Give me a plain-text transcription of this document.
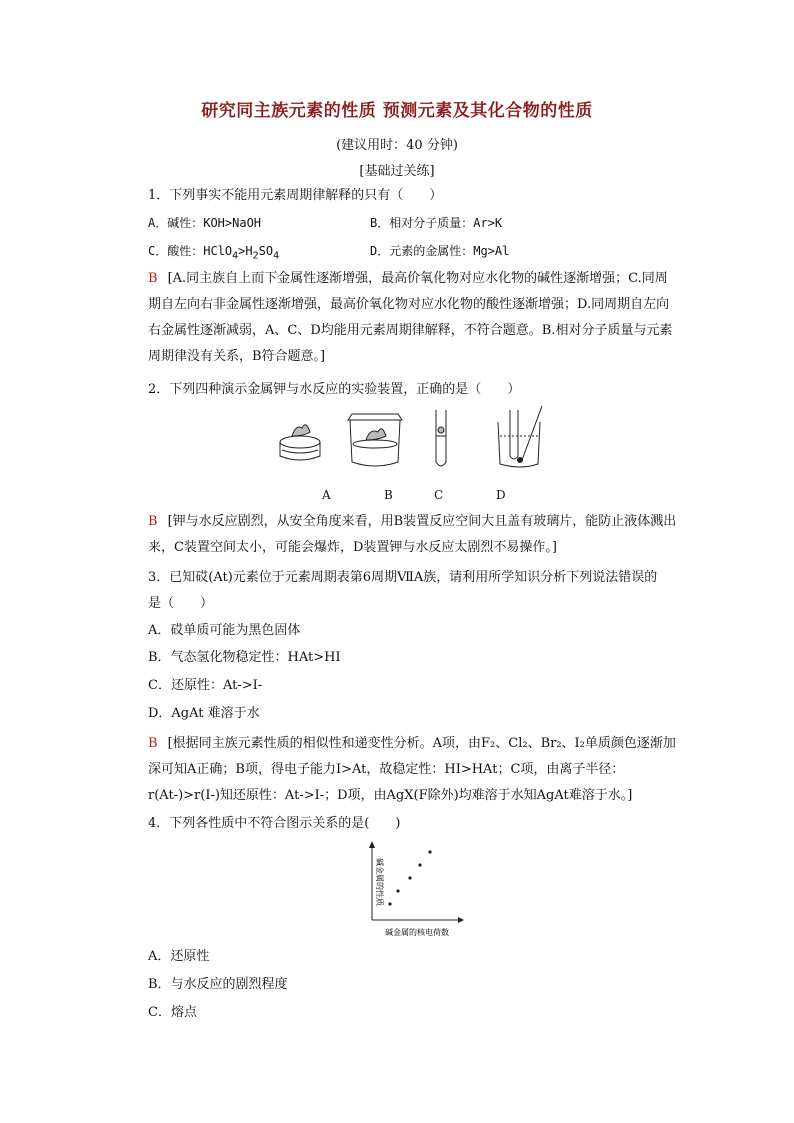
研究同主族元素的性质 预测元素及其化合物的性质
(建议用时：40 分钟)
[基础过关练]
1．下列事实不能用元素周期律解释的只有（　　）
A．碱性：KOH>NaOH	B．相对分子质量：Ar>K
C．酸性：$HClO_4>H_2SO_4$	D．元素的金属性：Mg>Al
B [A.同主族自上而下金属性逐渐增强，最高价氧化物对应水化物的碱性逐渐增强；C.同周期自左向右非金属性逐渐增强，最高价氧化物对应水化物的酸性逐渐增强；D.同周期自左向右金属性逐渐减弱，A、C、D均能用元素周期律解释，不符合题意。B.相对分子质量与元素周期律没有关系，B符合题意。]
2．下列四种演示金属钾与水反应的实验装置，正确的是（　　）
A	B	C	D
B [钾与水反应剧烈，从安全角度来看，用B装置反应空间大且盖有玻璃片，能防止液体溅出来，C装置空间太小，可能会爆炸，D装置钾与水反应太剧烈不易操作。]
3．已知砹(At)元素位于元素周期表第6周期ⅦA族，请利用所学知识分析下列说法错误的是（　　）
A．砹单质可能为黑色固体
B．气态氢化物稳定性：HAt>HI
C．还原性：At->I-
D．AgAt 难溶于水
B [根据同主族元素性质的相似性和递变性分析。A项，由F₂、Cl₂、Br₂、I₂单质颜色逐渐加深可知A正确；B项，得电子能力I>At，故稳定性：HI>HAt；C项，由离子半径：r(At-)>r(I-)知还原性：At->I-；D项，由AgX(F除外)均难溶于水知AgAt难溶于水。]
4．下列各性质中不符合图示关系的是(　　)
碱金属的核电荷数
碱金属的性质
A．还原性
B．与水反应的剧烈程度
C．熔点
